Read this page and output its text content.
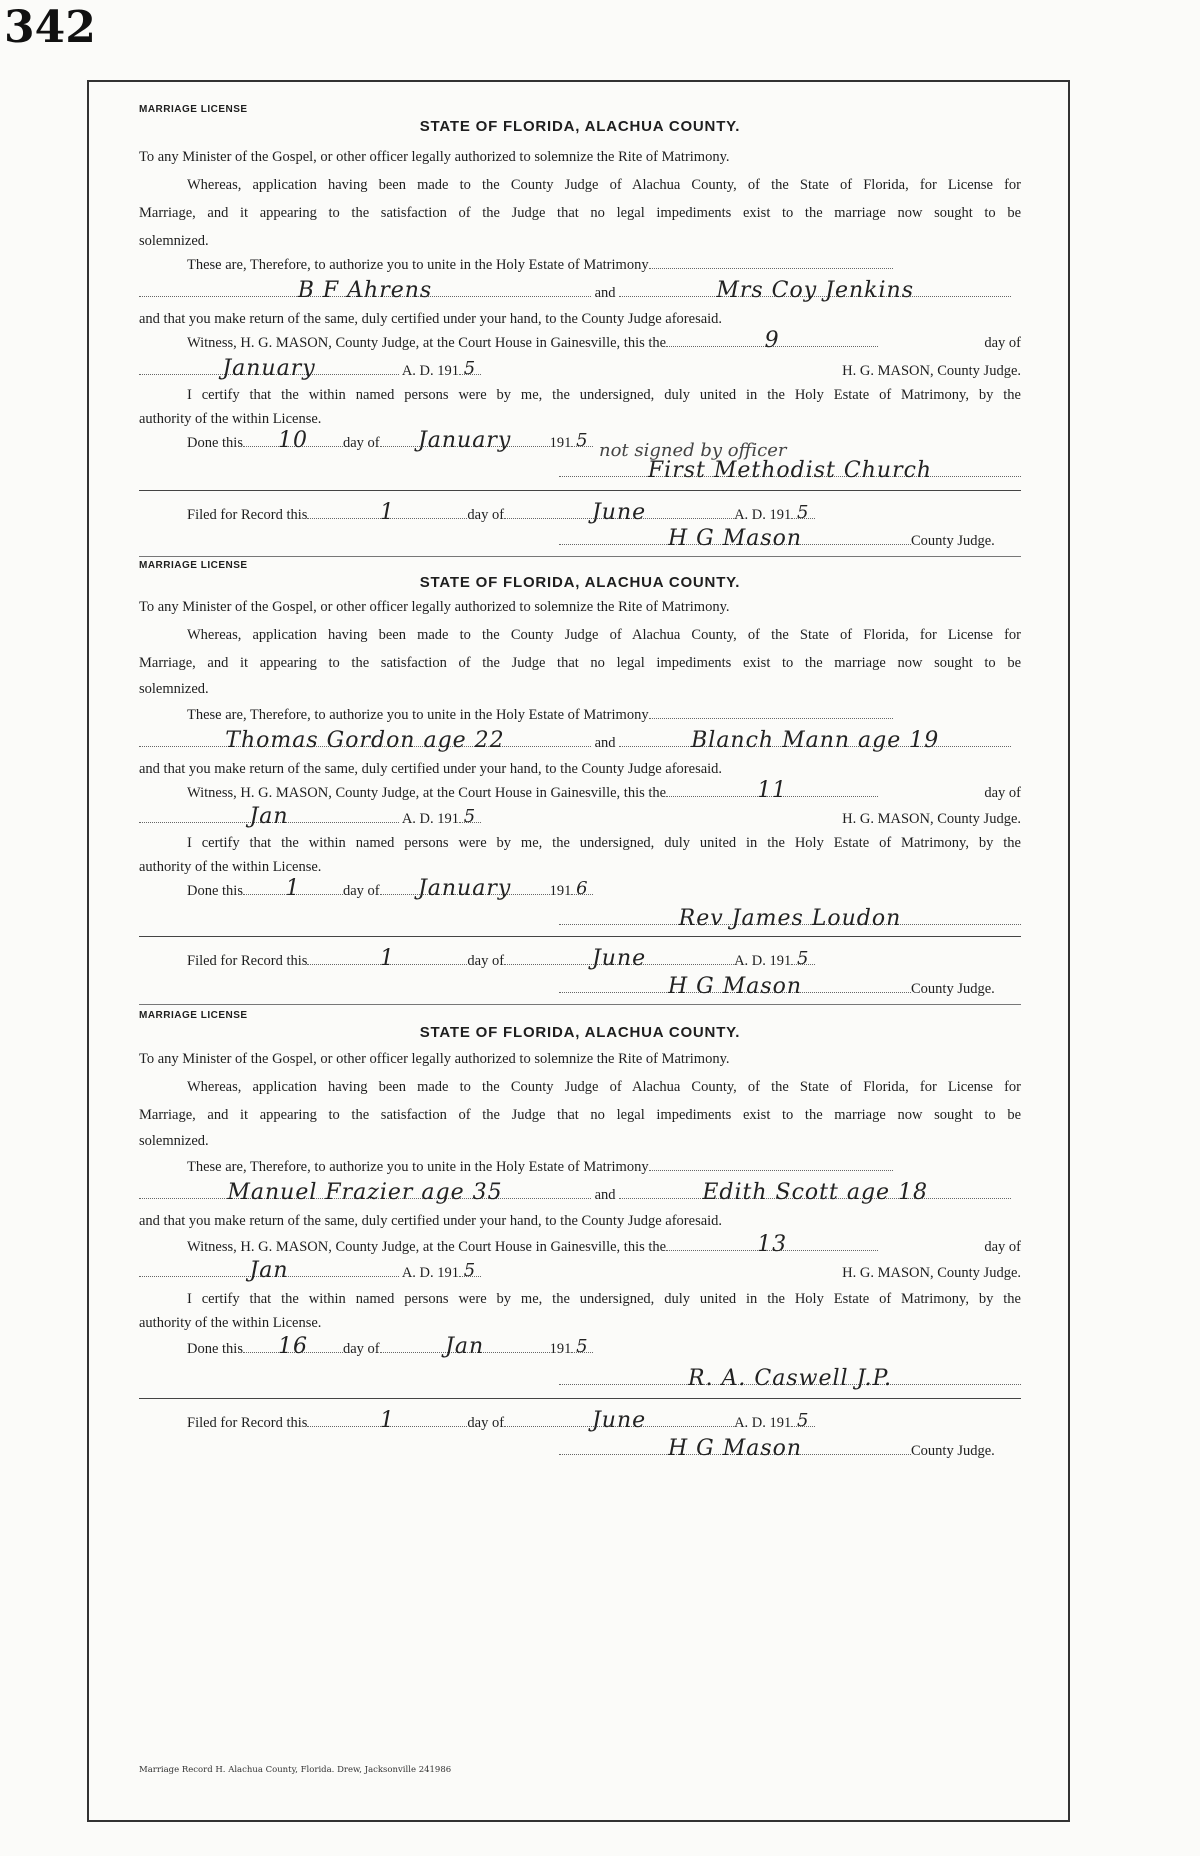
342
MARRIAGE LICENSE
STATE OF FLORIDA, ALACHUA COUNTY.
To any Minister of the Gospel, or other officer legally authorized to solemnize the Rite of Matrimony.
Whereas, application having been made to the County Judge of Alachua County, of the State of Florida, for License for
Marriage, and it appearing to the satisfaction of the Judge that no legal impediments exist to the marriage now sought to be
solemnized.
These are, Therefore, to authorize you to unite in the Holy Estate of Matrimony
B F Ahrens	and	Mrs Coy Jenkins
and that you make return of the same, duly certified under your hand, to the County Judge aforesaid.
Witness, H. G. MASON, County Judge, at the Court House in Gainesville, this the	9	day of
January	A. D. 191 5	H. G. MASON, County Judge.
I certify that the within named persons were by me, the undersigned, duly united in the Holy Estate of Matrimony, by the
authority of the within License.
Done this	10	day of	January	191 5 not signed by officer
First Methodist Church
Filed for Record this	1	day of	June	A. D. 191 5
H G Mason	County Judge.
MARRIAGE LICENSE
STATE OF FLORIDA, ALACHUA COUNTY.
To any Minister of the Gospel, or other officer legally authorized to solemnize the Rite of Matrimony.
Whereas, application having been made to the County Judge of Alachua County, of the State of Florida, for License for
Marriage, and it appearing to the satisfaction of the Judge that no legal impediments exist to the marriage now sought to be
solemnized.
These are, Therefore, to authorize you to unite in the Holy Estate of Matrimony
Thomas Gordon age 22	and	Blanch Mann age 19
and that you make return of the same, duly certified under your hand, to the County Judge aforesaid.
Witness, H. G. MASON, County Judge, at the Court House in Gainesville, this the	11	day of
Jan	A. D. 191 5	H. G. MASON, County Judge.
I certify that the within named persons were by me, the undersigned, duly united in the Holy Estate of Matrimony, by the
authority of the within License.
Done this	1	day of	January	191 6
Rev James Loudon
Filed for Record this	1	day of	June	A. D. 191 5
H G Mason	County Judge.
MARRIAGE LICENSE
STATE OF FLORIDA, ALACHUA COUNTY.
To any Minister of the Gospel, or other officer legally authorized to solemnize the Rite of Matrimony.
Whereas, application having been made to the County Judge of Alachua County, of the State of Florida, for License for
Marriage, and it appearing to the satisfaction of the Judge that no legal impediments exist to the marriage now sought to be
solemnized.
These are, Therefore, to authorize you to unite in the Holy Estate of Matrimony
Manuel Frazier age 35	and	Edith Scott age 18
and that you make return of the same, duly certified under your hand, to the County Judge aforesaid.
Witness, H. G. MASON, County Judge, at the Court House in Gainesville, this the	13	day of
Jan	A. D. 191 5	H. G. MASON, County Judge.
I certify that the within named persons were by me, the undersigned, duly united in the Holy Estate of Matrimony, by the
authority of the within License.
Done this	16	day of	Jan	191 5
R. A. Caswell J.P.
Filed for Record this	1	day of	June	A. D. 191 5
H G Mason	County Judge.
Marriage Record H. Alachua County, Florida. Drew, Jacksonville 241986
